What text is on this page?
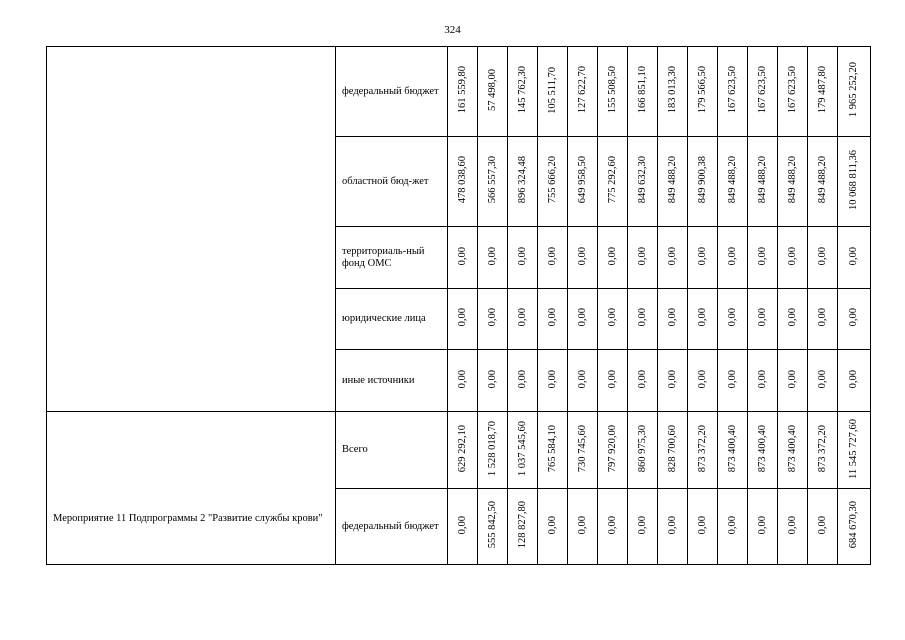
324

	федеральный бюджет	161 559,80	57 498,00	145 762,30	105 511,70	127 622,70	155 508,50	166 851,10	183 013,30	179 566,50	167 623,50	167 623,50	167 623,50	179 487,80	1 965 252,20

	областной бюд-жет	478 038,60	566 557,30	896 324,48	755 666,20	649 958,50	775 292,60	849 632,30	849 488,20	849 900,38	849 488,20	849 488,20	849 488,20	849 488,20	10 068 811,36

	территориаль-ный фонд ОМС	0,00	0,00	0,00	0,00	0,00	0,00	0,00	0,00	0,00	0,00	0,00	0,00	0,00	0,00

	юридические лица	0,00	0,00	0,00	0,00	0,00	0,00	0,00	0,00	0,00	0,00	0,00	0,00	0,00	0,00

	иные источники	0,00	0,00	0,00	0,00	0,00	0,00	0,00	0,00	0,00	0,00	0,00	0,00	0,00	0,00

Мероприятие 11 Подпрограммы 2 "Развитие службы крови"	Всего	629 292,10	1 528 018,70	1 037 545,60	765 584,10	730 745,60	797 920,00	860 975,30	828 700,60	873 372,20	873 400,40	873 400,40	873 400,40	873 372,20	11 545 727,60

	федеральный бюджет	0,00	555 842,50	128 827,80	0,00	0,00	0,00	0,00	0,00	0,00	0,00	0,00	0,00	0,00	684 670,30
